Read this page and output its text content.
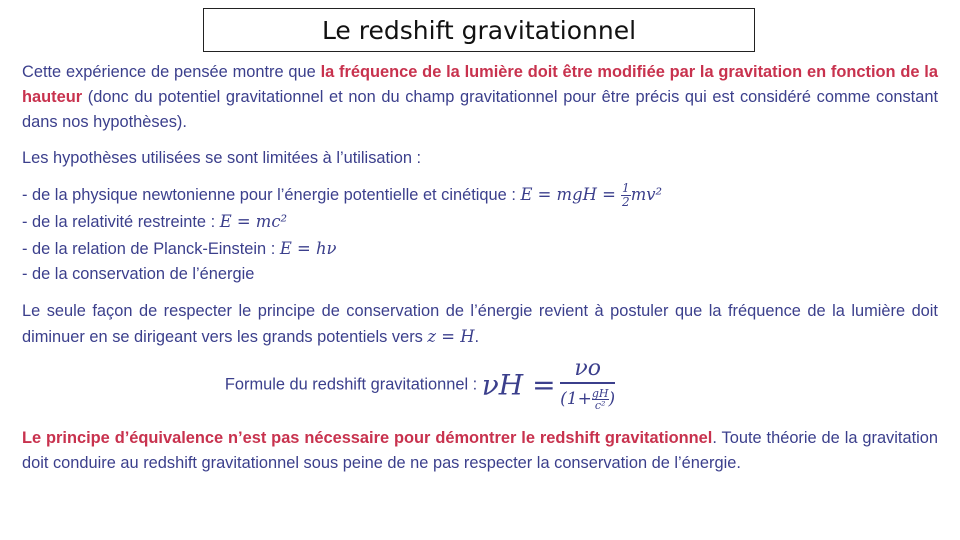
Le redshift gravitationnel

Cette expérience de pensée montre que la fréquence de la lumière doit être modifiée par la gravitation en fonction de la hauteur (donc du potentiel gravitationnel et non du champ gravitationnel pour être précis qui est considéré comme constant dans nos hypothèses).

Les hypothèses utilisées se sont limitées à l’utilisation :

- de la physique newtonienne pour l’énergie potentielle et cinétique : E = mgH = $\frac{1}{2} mv^2$

- de la relativité restreinte : E = mc²

- de la relation de Planck-Einstein : E = hν

- de la conservation de l’énergie

Le seule façon de respecter le principe de conservation de l’énergie revient à postuler que la fréquence de la lumière doit diminuer en se dirigeant vers les grands potentiels vers z = H.

Formule du redshift gravitationnel : $\nu H = \frac{\nu o}{(1+ \frac{gH}{\text{c²}})}$

Le principe d’équivalence n’est pas nécessaire pour démontrer le redshift gravitationnel. Toute théorie de la gravitation doit conduire au redshift gravitationnel sous peine de ne pas respecter la conservation de l’énergie.
